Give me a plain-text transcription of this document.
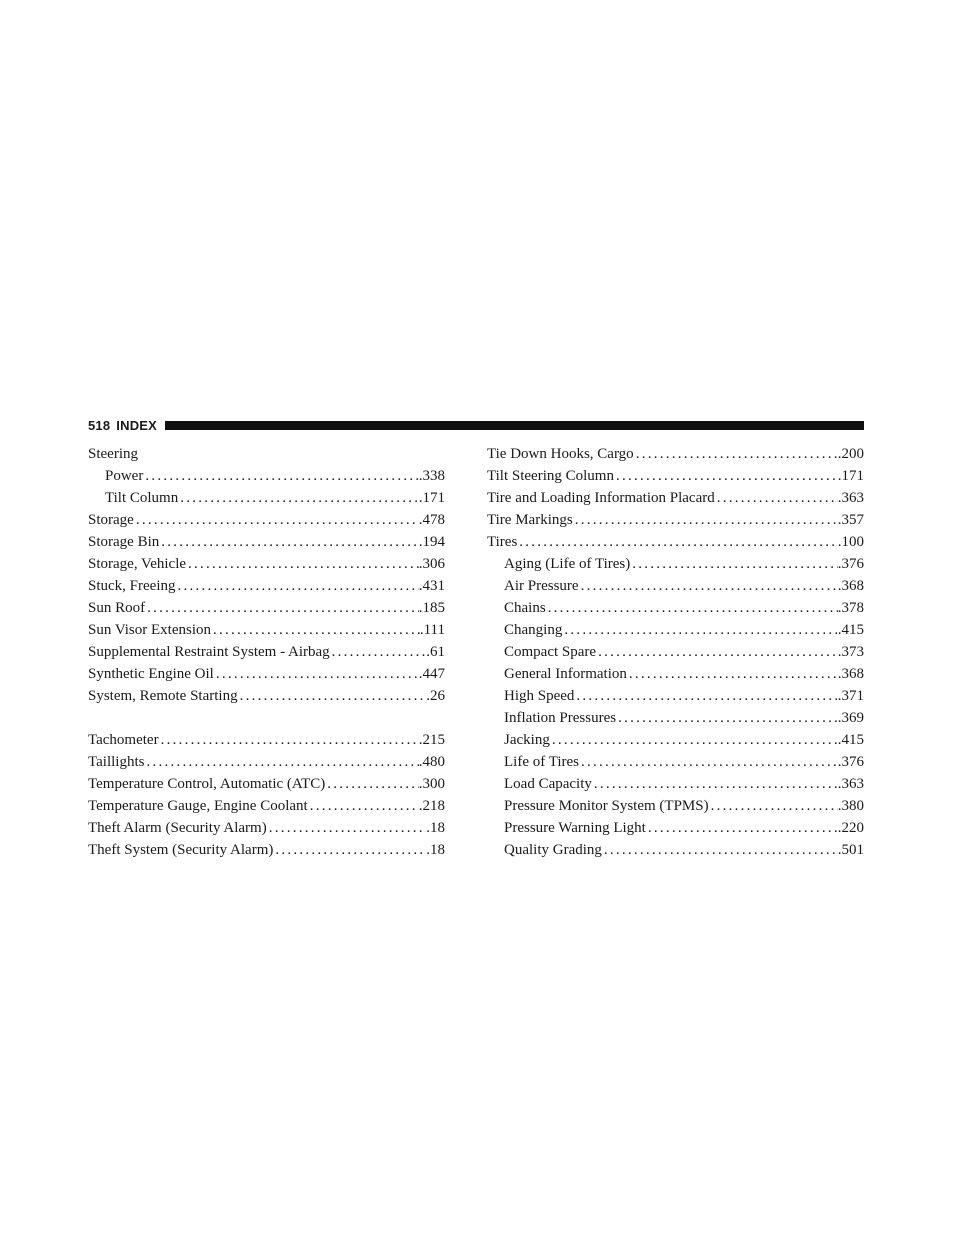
518 INDEX
Steering
Power . . .	.338
Tilt Column . . .	.171
Storage . . .	.478
Storage Bin . . .	.194
Storage, Vehicle . . .	.306
Stuck, Freeing . . .	.431
Sun Roof . . .	.185
Sun Visor Extension . . .	.111
Supplemental Restraint System - Airbag . . .	.61
Synthetic Engine Oil . . .	.447
System, Remote Starting . . .	.26
Tachometer . . .	.215
Taillights . . .	.480
Temperature Control, Automatic (ATC) . . .	.300
Temperature Gauge, Engine Coolant . . .	.218
Theft Alarm (Security Alarm) . . .	.18
Theft System (Security Alarm) . . .	.18
Tie Down Hooks, Cargo . . .	.200
Tilt Steering Column . . .	.171
Tire and Loading Information Placard . . .	.363
Tire Markings . . .	.357
Tires . . .	.100
Aging (Life of Tires) . . .	.376
Air Pressure . . .	.368
Chains . . .	.378
Changing . . .	.415
Compact Spare . . .	.373
General Information . . .	.368
High Speed . . .	.371
Inflation Pressures . . .	.369
Jacking . . .	.415
Life of Tires . . .	.376
Load Capacity . . .	.363
Pressure Monitor System (TPMS) . . .	.380
Pressure Warning Light . . .	.220
Quality Grading . . .	.501
